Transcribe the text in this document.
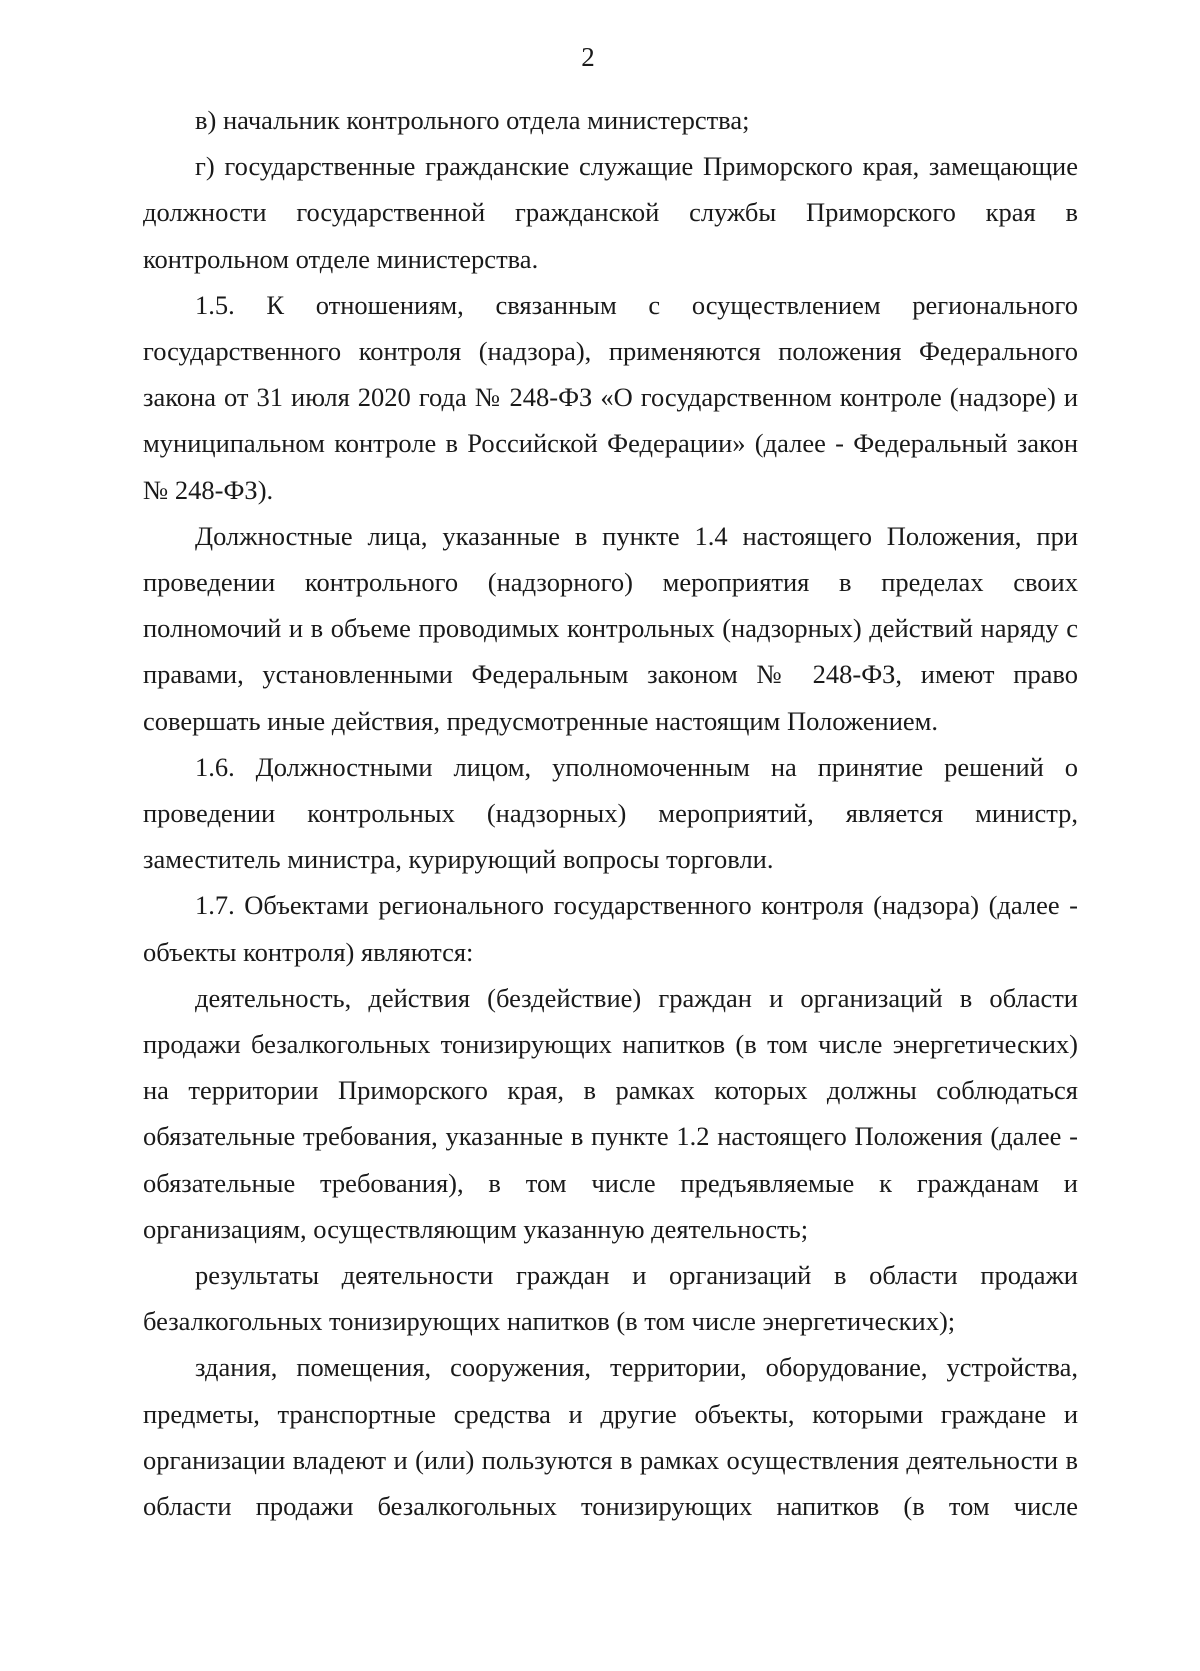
2

в) начальник контрольного отдела министерства;

г) государственные гражданские служащие Приморского края, замещающие должности государственной гражданской службы Приморского края в контрольном отделе министерства.

1.5. К отношениям, связанным с осуществлением регионального государственного контроля (надзора), применяются положения Федерального закона от 31 июля 2020 года № 248-ФЗ «О государственном контроле (надзоре) и муниципальном контроле в Российской Федерации» (далее - Федеральный закон № 248-ФЗ).

Должностные лица, указанные в пункте 1.4 настоящего Положения, при проведении контрольного (надзорного) мероприятия в пределах своих полномочий и в объеме проводимых контрольных (надзорных) действий наряду с правами, установленными Федеральным законом № 248-ФЗ, имеют право совершать иные действия, предусмотренные настоящим Положением.

1.6. Должностными лицом, уполномоченным на принятие решений о проведении контрольных (надзорных) мероприятий, является министр, заместитель министра, курирующий вопросы торговли.

1.7. Объектами регионального государственного контроля (надзора) (далее - объекты контроля) являются:

деятельность, действия (бездействие) граждан и организаций в области продажи безалкогольных тонизирующих напитков (в том числе энергетических) на территории Приморского края, в рамках которых должны соблюдаться обязательные требования, указанные в пункте 1.2 настоящего Положения (далее - обязательные требования), в том числе предъявляемые к гражданам и организациям, осуществляющим указанную деятельность;

результаты деятельности граждан и организаций в области продажи безалкогольных тонизирующих напитков (в том числе энергетических);

здания, помещения, сооружения, территории, оборудование, устройства, предметы, транспортные средства и другие объекты, которыми граждане и организации владеют и (или) пользуются в рамках осуществления деятельности в области продажи безалкогольных тонизирующих напитков (в том числе
